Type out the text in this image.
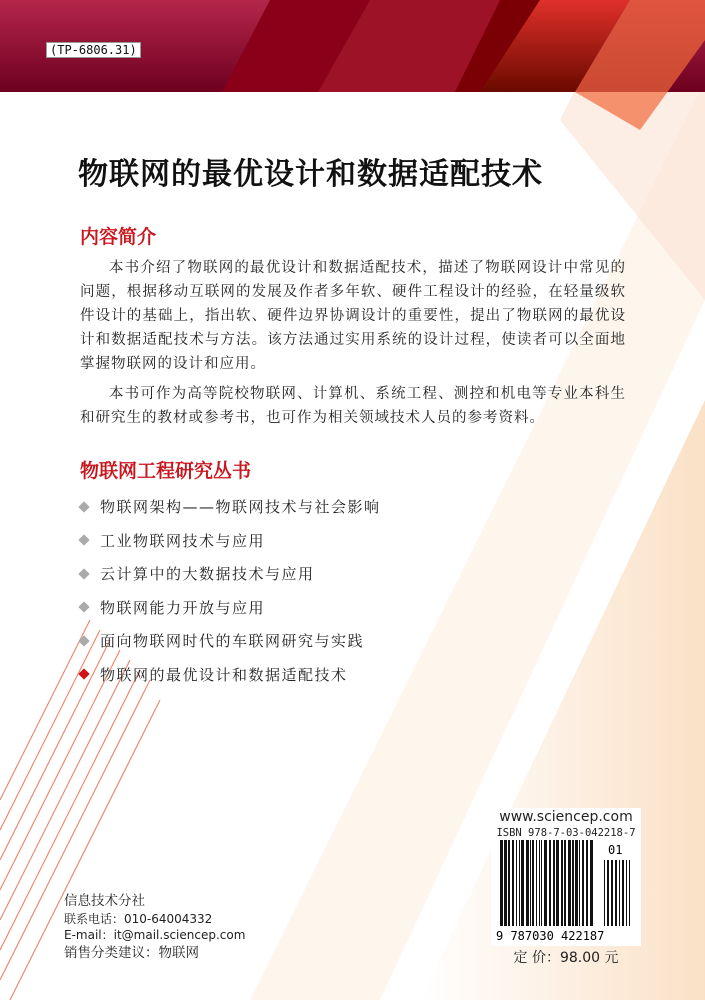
(TP-6806.31)
物联网的最优设计和数据适配技术
内容简介

本书介绍了物联网的最优设计和数据适配技术，描述了物联网设计中常见的问题，根据移动互联网的发展及作者多年软、硬件工程设计的经验，在轻量级软件设计的基础上，指出软、硬件边界协调设计的重要性，提出了物联网的最优设计和数据适配技术与方法。该方法通过实用系统的设计过程，使读者可以全面地掌握物联网的设计和应用。

本书可作为高等院校物联网、计算机、系统工程、测控和机电等专业本科生和研究生的教材或参考书，也可作为相关领域技术人员的参考资料。

物联网工程研究丛书
物联网架构——物联网技术与社会影响
工业物联网技术与应用
云计算中的大数据技术与应用
物联网能力开放与应用
面向物联网时代的车联网研究与实践
物联网的最优设计和数据适配技术
信息技术分社
联系电话：010-64004332
E-mail：it@mail.sciencep.com
销售分类建议：物联网
www.sciencep.com
ISBN 978-7-03-042218-7
9 787030 422187
01
定 价：98.00 元
